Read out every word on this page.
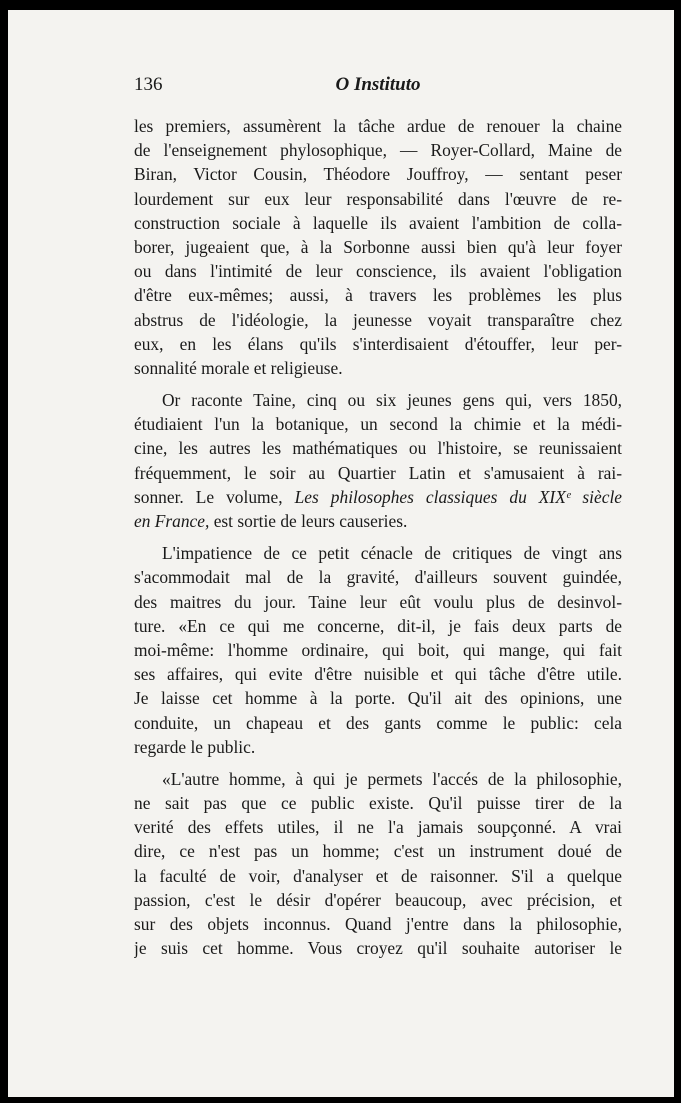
136	O Instituto
les premiers, assumèrent la tâche ardue de renouer la chaine
de l'enseignement phylosophique, — Royer-Collard, Maine de
Biran, Victor Cousin, Théodore Jouffroy, — sentant peser
lourdement sur eux leur responsabilité dans l'œuvre de re-
construction sociale à laquelle ils avaient l'ambition de colla-
borer, jugeaient que, à la Sorbonne aussi bien qu'à leur foyer
ou dans l'intimité de leur conscience, ils avaient l'obligation
d'être eux-mêmes; aussi, à travers les problèmes les plus
abstrus de l'idéologie, la jeunesse voyait transparaître chez
eux, en les élans qu'ils s'interdisaient d'étouffer, leur per-
sonnalité morale et religieuse.
Or raconte Taine, cinq ou six jeunes gens qui, vers 1850,
étudiaient l'un la botanique, un second la chimie et la médi-
cine, les autres les mathématiques ou l'histoire, se reunissaient
fréquemment, le soir au Quartier Latin et s'amusaient à rai-
sonner. Le volume, Les philosophes classiques du XIXᵉ siècle
en France, est sortie de leurs causeries.
L'impatience de ce petit cénacle de critiques de vingt ans
s'acommodait mal de la gravité, d'ailleurs souvent guindée,
des maitres du jour. Taine leur eût voulu plus de desinvol-
ture. «En ce qui me concerne, dit-il, je fais deux parts de
moi-même: l'homme ordinaire, qui boit, qui mange, qui fait
ses affaires, qui evite d'être nuisible et qui tâche d'être utile.
Je laisse cet homme à la porte. Qu'il ait des opinions, une
conduite, un chapeau et des gants comme le public: cela
regarde le public.
«L'autre homme, à qui je permets l'accés de la philosophie,
ne sait pas que ce public existe. Qu'il puisse tirer de la
verité des effets utiles, il ne l'a jamais soupçonné. A vrai
dire, ce n'est pas un homme; c'est un instrument doué de
la faculté de voir, d'analyser et de raisonner. S'il a quelque
passion, c'est le désir d'opérer beaucoup, avec précision, et
sur des objets inconnus. Quand j'entre dans la philosophie,
je suis cet homme. Vous croyez qu'il souhaite autoriser le
